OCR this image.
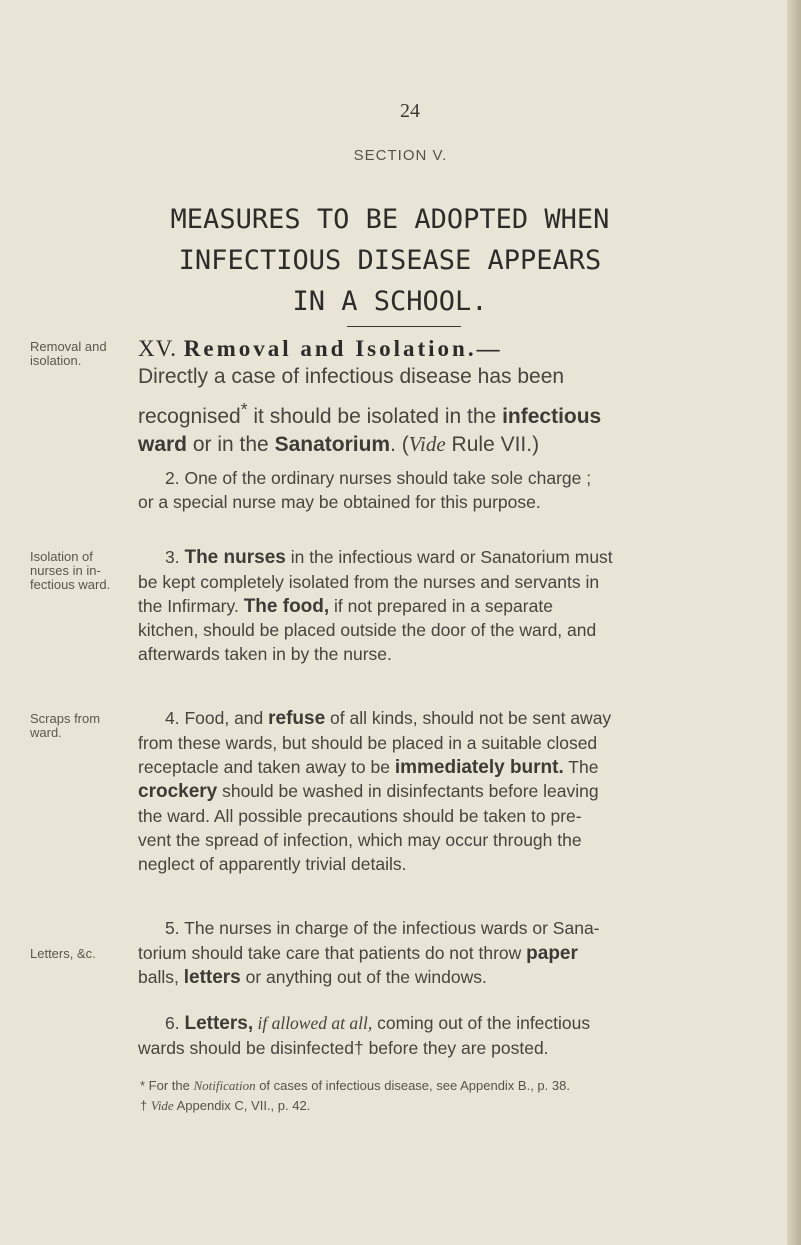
24
SECTION V.
MEASURES TO BE ADOPTED WHEN
INFECTIOUS DISEASE APPEARS
IN A SCHOOL.
Removal and
isolation.
Isolation of
nurses in in-
fectious ward.
Scraps from
ward.
Letters, &c.
XV. Removal and Isolation.—
Directly a case of infectious disease has been
recognised* it should be isolated in the infectious
ward or in the Sanatorium. (Vide Rule VII.)
2. One of the ordinary nurses should take sole charge ;
or a special nurse may be obtained for this purpose.
3. The nurses in the infectious ward or Sanatorium must
be kept completely isolated from the nurses and servants in
the Infirmary. The food, if not prepared in a separate
kitchen, should be placed outside the door of the ward, and
afterwards taken in by the nurse.
4. Food, and refuse of all kinds, should not be sent away
from these wards, but should be placed in a suitable closed
receptacle and taken away to be immediately burnt. The
crockery should be washed in disinfectants before leaving
the ward. All possible precautions should be taken to pre-
vent the spread of infection, which may occur through the
neglect of apparently trivial details.
5. The nurses in charge of the infectious wards or Sana-
torium should take care that patients do not throw paper
balls, letters or anything out of the windows.
6. Letters, if allowed at all, coming out of the infectious
wards should be disinfected† before they are posted.
* For the Notification of cases of infectious disease, see Appendix B., p. 38.
† Vide Appendix C, VII., p. 42.
